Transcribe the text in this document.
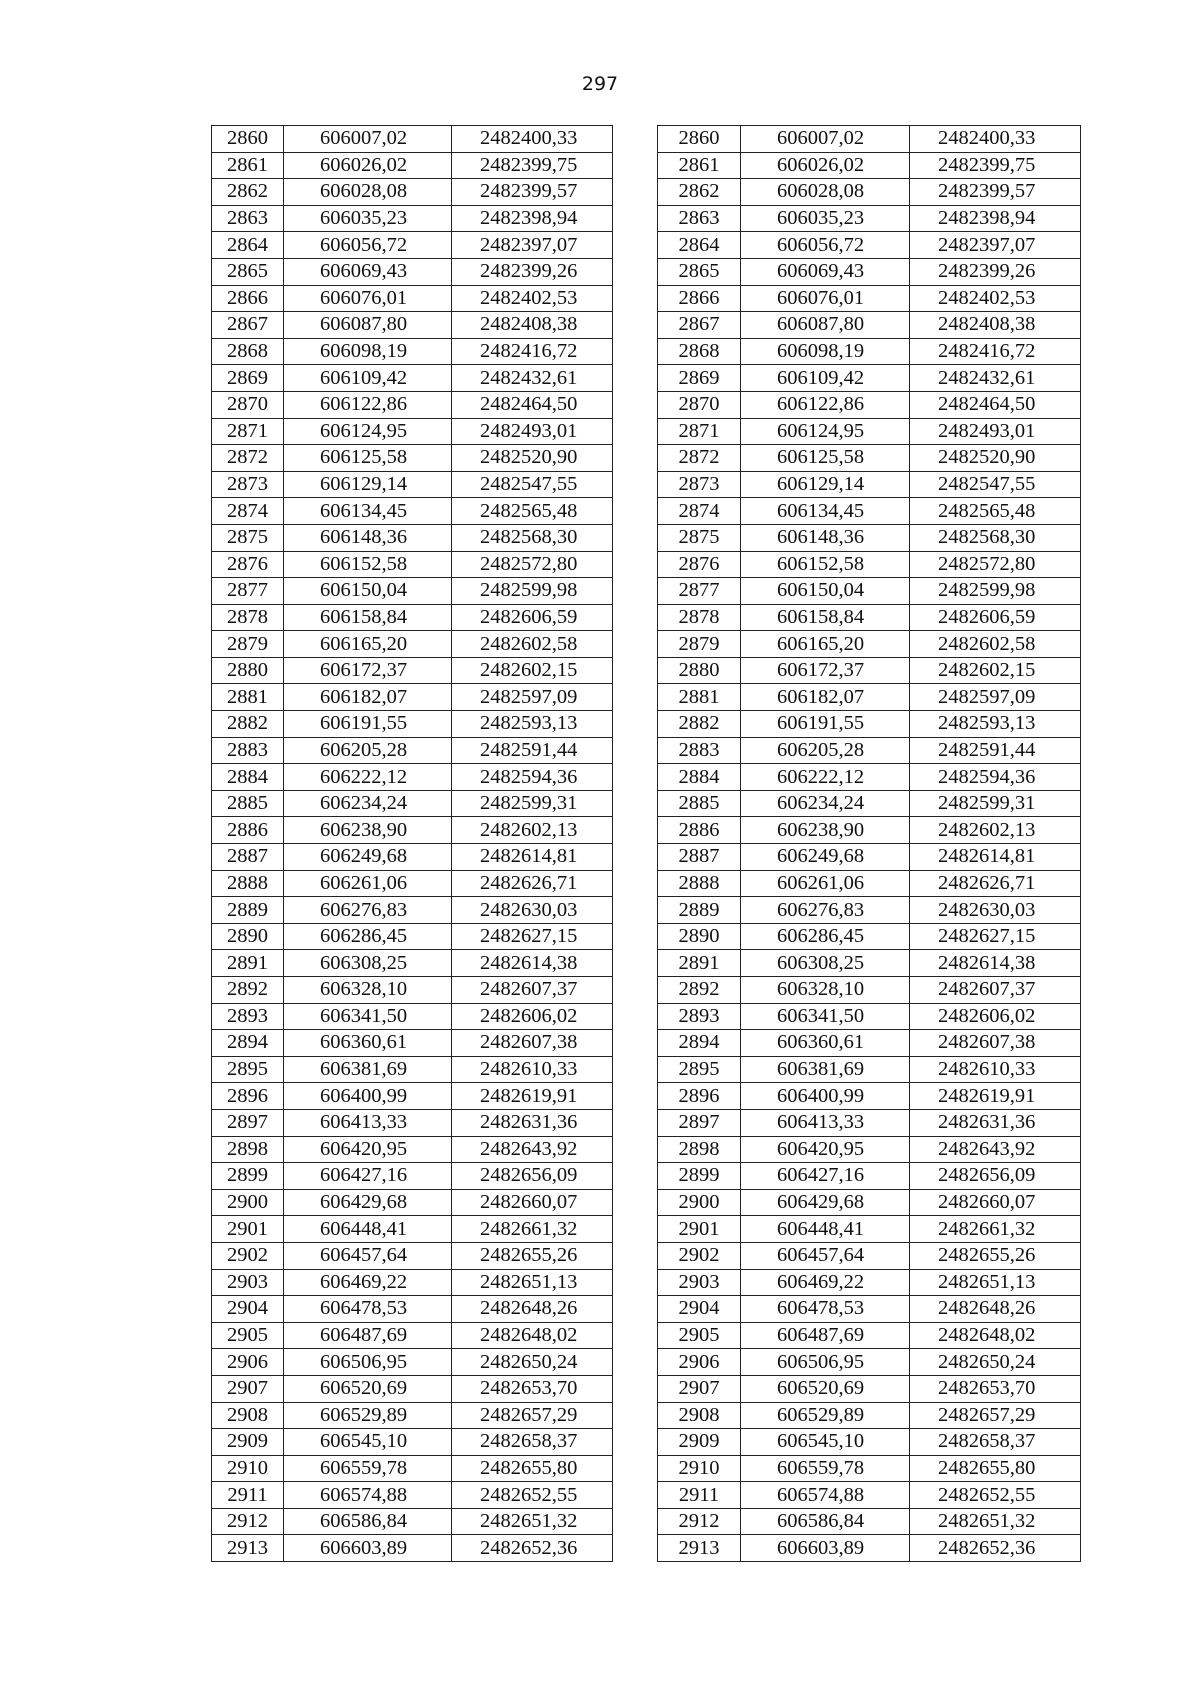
297
2860	606007,02	2482400,33		2860	606007,02	2482400,33
2861	606026,02	2482399,75		2861	606026,02	2482399,75
2862	606028,08	2482399,57		2862	606028,08	2482399,57
2863	606035,23	2482398,94		2863	606035,23	2482398,94
2864	606056,72	2482397,07		2864	606056,72	2482397,07
2865	606069,43	2482399,26		2865	606069,43	2482399,26
2866	606076,01	2482402,53		2866	606076,01	2482402,53
2867	606087,80	2482408,38		2867	606087,80	2482408,38
2868	606098,19	2482416,72		2868	606098,19	2482416,72
2869	606109,42	2482432,61		2869	606109,42	2482432,61
2870	606122,86	2482464,50		2870	606122,86	2482464,50
2871	606124,95	2482493,01		2871	606124,95	2482493,01
2872	606125,58	2482520,90		2872	606125,58	2482520,90
2873	606129,14	2482547,55		2873	606129,14	2482547,55
2874	606134,45	2482565,48		2874	606134,45	2482565,48
2875	606148,36	2482568,30		2875	606148,36	2482568,30
2876	606152,58	2482572,80		2876	606152,58	2482572,80
2877	606150,04	2482599,98		2877	606150,04	2482599,98
2878	606158,84	2482606,59		2878	606158,84	2482606,59
2879	606165,20	2482602,58		2879	606165,20	2482602,58
2880	606172,37	2482602,15		2880	606172,37	2482602,15
2881	606182,07	2482597,09		2881	606182,07	2482597,09
2882	606191,55	2482593,13		2882	606191,55	2482593,13
2883	606205,28	2482591,44		2883	606205,28	2482591,44
2884	606222,12	2482594,36		2884	606222,12	2482594,36
2885	606234,24	2482599,31		2885	606234,24	2482599,31
2886	606238,90	2482602,13		2886	606238,90	2482602,13
2887	606249,68	2482614,81		2887	606249,68	2482614,81
2888	606261,06	2482626,71		2888	606261,06	2482626,71
2889	606276,83	2482630,03		2889	606276,83	2482630,03
2890	606286,45	2482627,15		2890	606286,45	2482627,15
2891	606308,25	2482614,38		2891	606308,25	2482614,38
2892	606328,10	2482607,37		2892	606328,10	2482607,37
2893	606341,50	2482606,02		2893	606341,50	2482606,02
2894	606360,61	2482607,38		2894	606360,61	2482607,38
2895	606381,69	2482610,33		2895	606381,69	2482610,33
2896	606400,99	2482619,91		2896	606400,99	2482619,91
2897	606413,33	2482631,36		2897	606413,33	2482631,36
2898	606420,95	2482643,92		2898	606420,95	2482643,92
2899	606427,16	2482656,09		2899	606427,16	2482656,09
2900	606429,68	2482660,07		2900	606429,68	2482660,07
2901	606448,41	2482661,32		2901	606448,41	2482661,32
2902	606457,64	2482655,26		2902	606457,64	2482655,26
2903	606469,22	2482651,13		2903	606469,22	2482651,13
2904	606478,53	2482648,26		2904	606478,53	2482648,26
2905	606487,69	2482648,02		2905	606487,69	2482648,02
2906	606506,95	2482650,24		2906	606506,95	2482650,24
2907	606520,69	2482653,70		2907	606520,69	2482653,70
2908	606529,89	2482657,29		2908	606529,89	2482657,29
2909	606545,10	2482658,37		2909	606545,10	2482658,37
2910	606559,78	2482655,80		2910	606559,78	2482655,80
2911	606574,88	2482652,55		2911	606574,88	2482652,55
2912	606586,84	2482651,32		2912	606586,84	2482651,32
2913	606603,89	2482652,36		2913	606603,89	2482652,36
